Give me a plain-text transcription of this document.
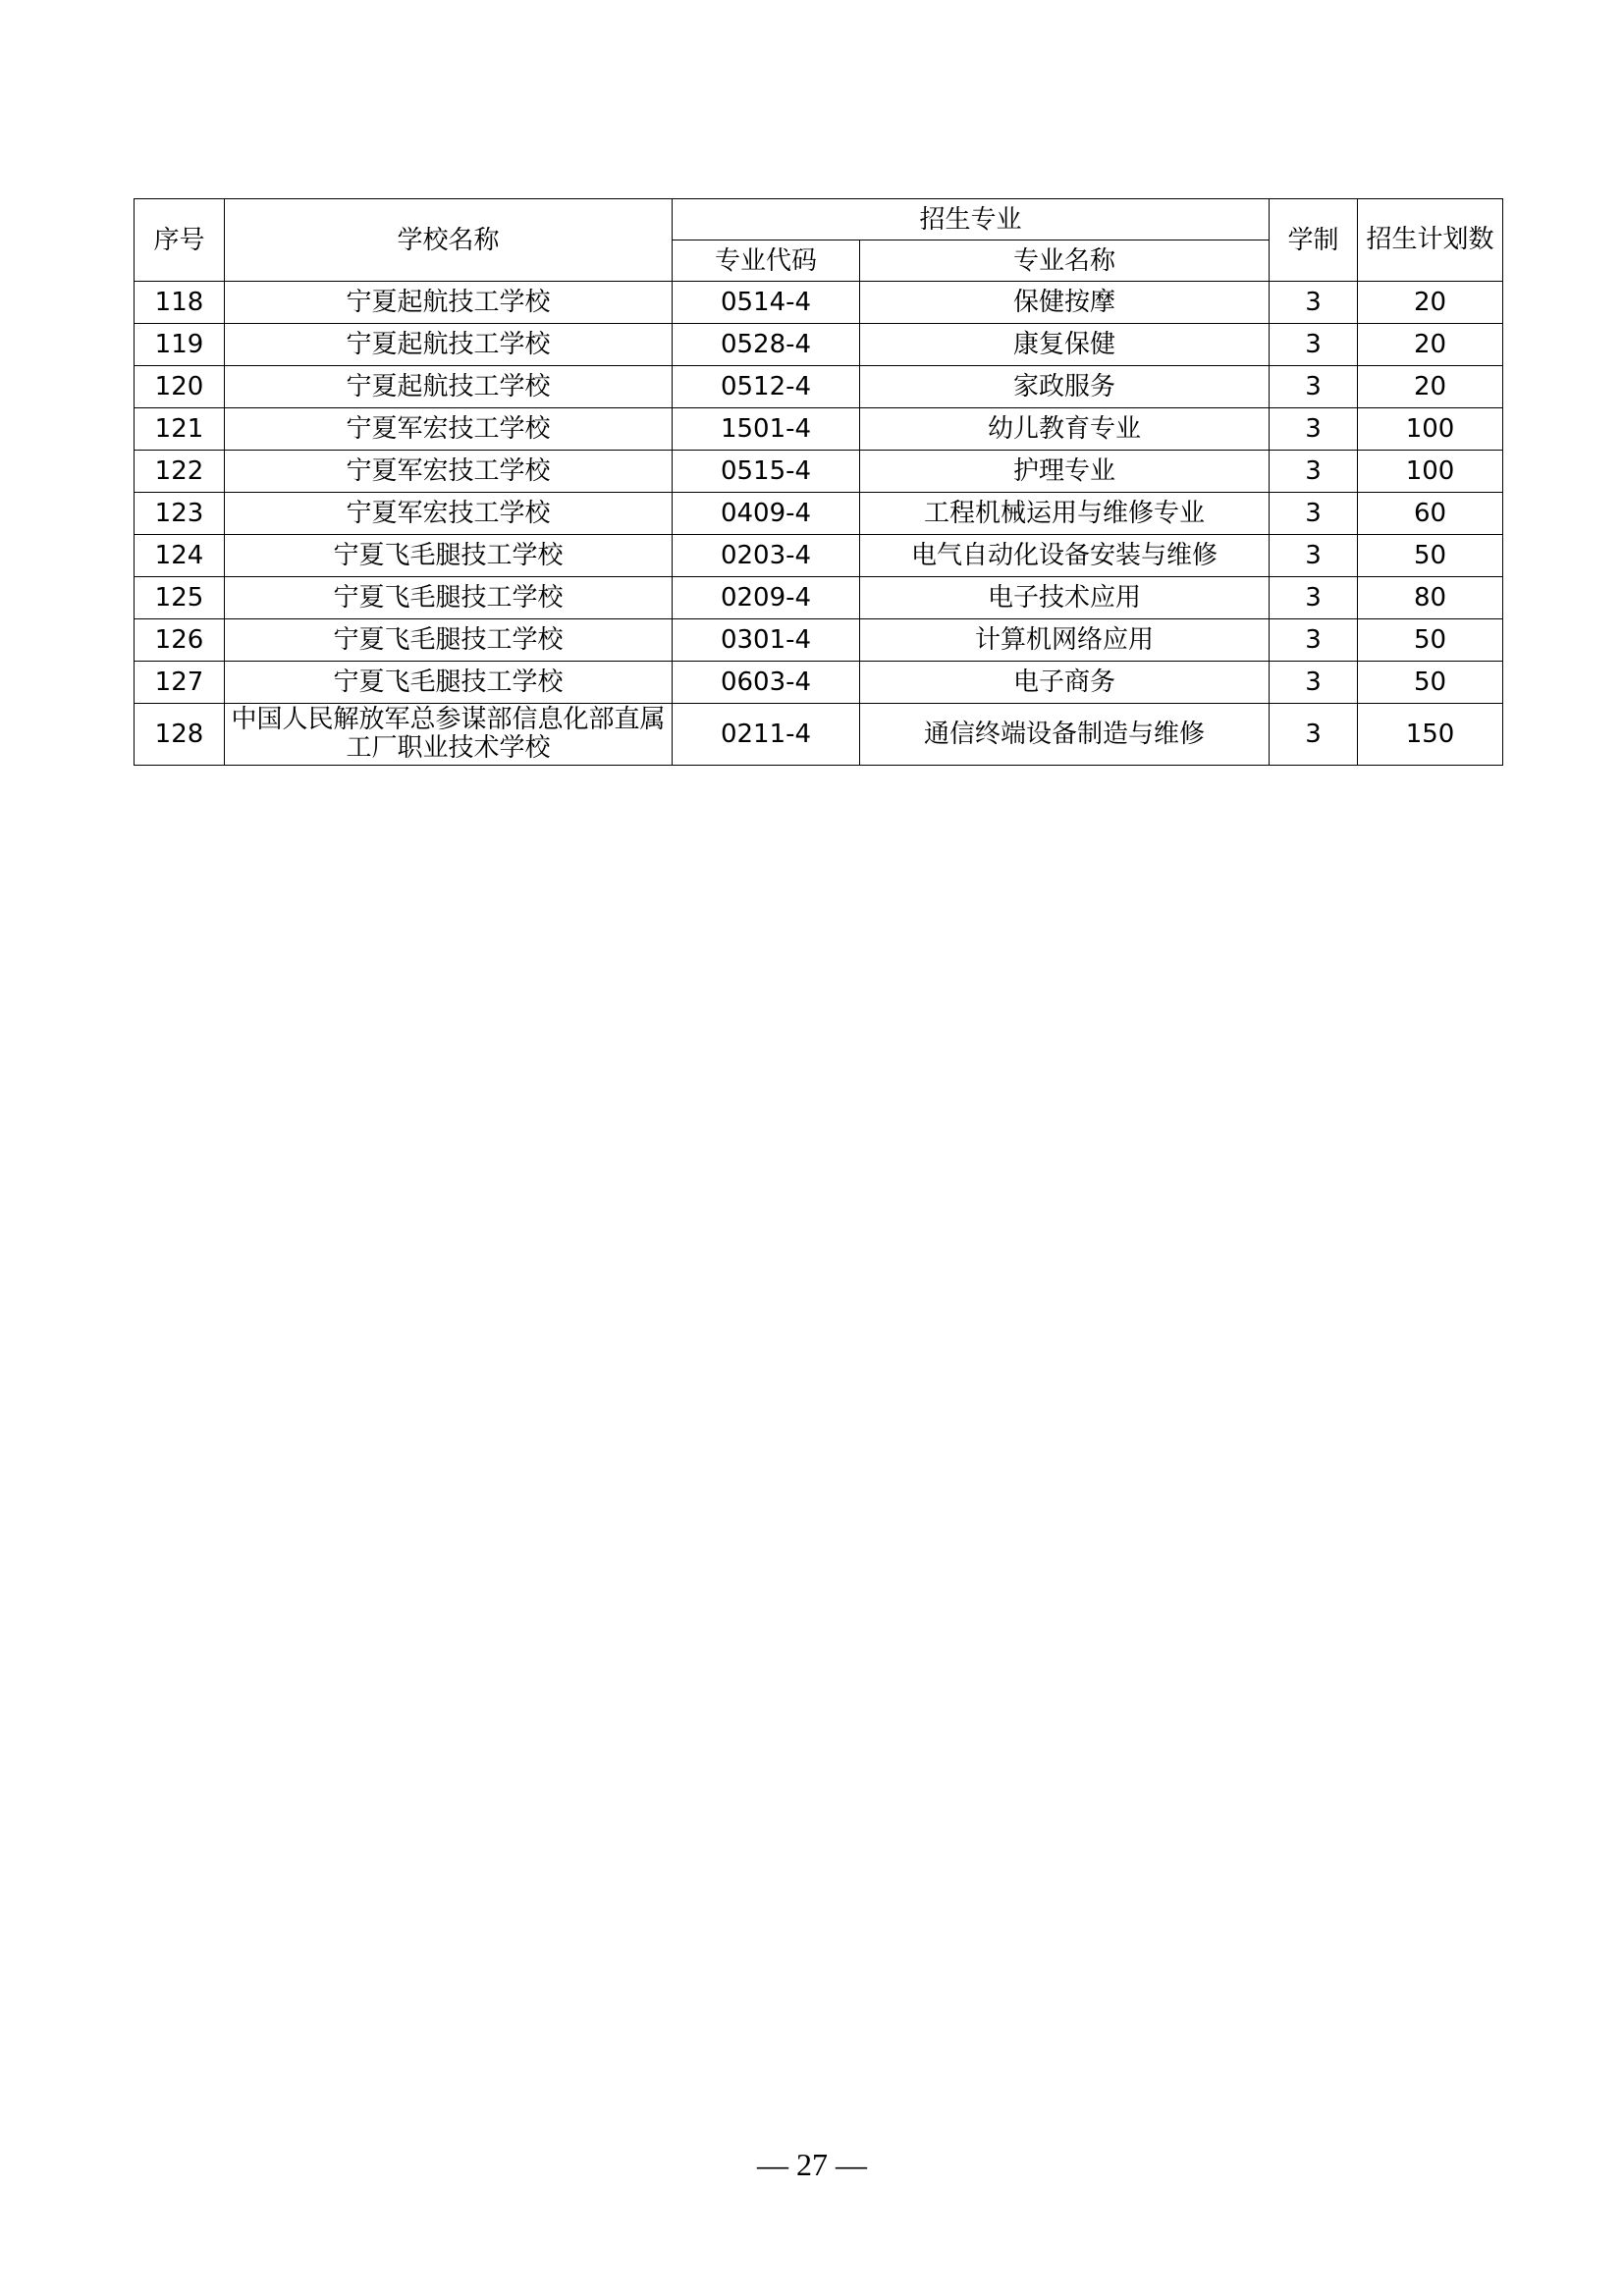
序号	学校名称	招生专业		学制	招生计划数
		专业代码	专业名称		
118	宁夏起航技工学校	0514-4	保健按摩	3	20
119	宁夏起航技工学校	0528-4	康复保健	3	20
120	宁夏起航技工学校	0512-4	家政服务	3	20
121	宁夏军宏技工学校	1501-4	幼儿教育专业	3	100
122	宁夏军宏技工学校	0515-4	护理专业	3	100
123	宁夏军宏技工学校	0409-4	工程机械运用与维修专业	3	60
124	宁夏飞毛腿技工学校	0203-4	电气自动化设备安装与维修	3	50
125	宁夏飞毛腿技工学校	0209-4	电子技术应用	3	80
126	宁夏飞毛腿技工学校	0301-4	计算机网络应用	3	50
127	宁夏飞毛腿技工学校	0603-4	电子商务	3	50
128	中国人民解放军总参谋部信息化部直属工厂职业技术学校	0211-4	通信终端设备制造与维修	3	150
— 27 —
